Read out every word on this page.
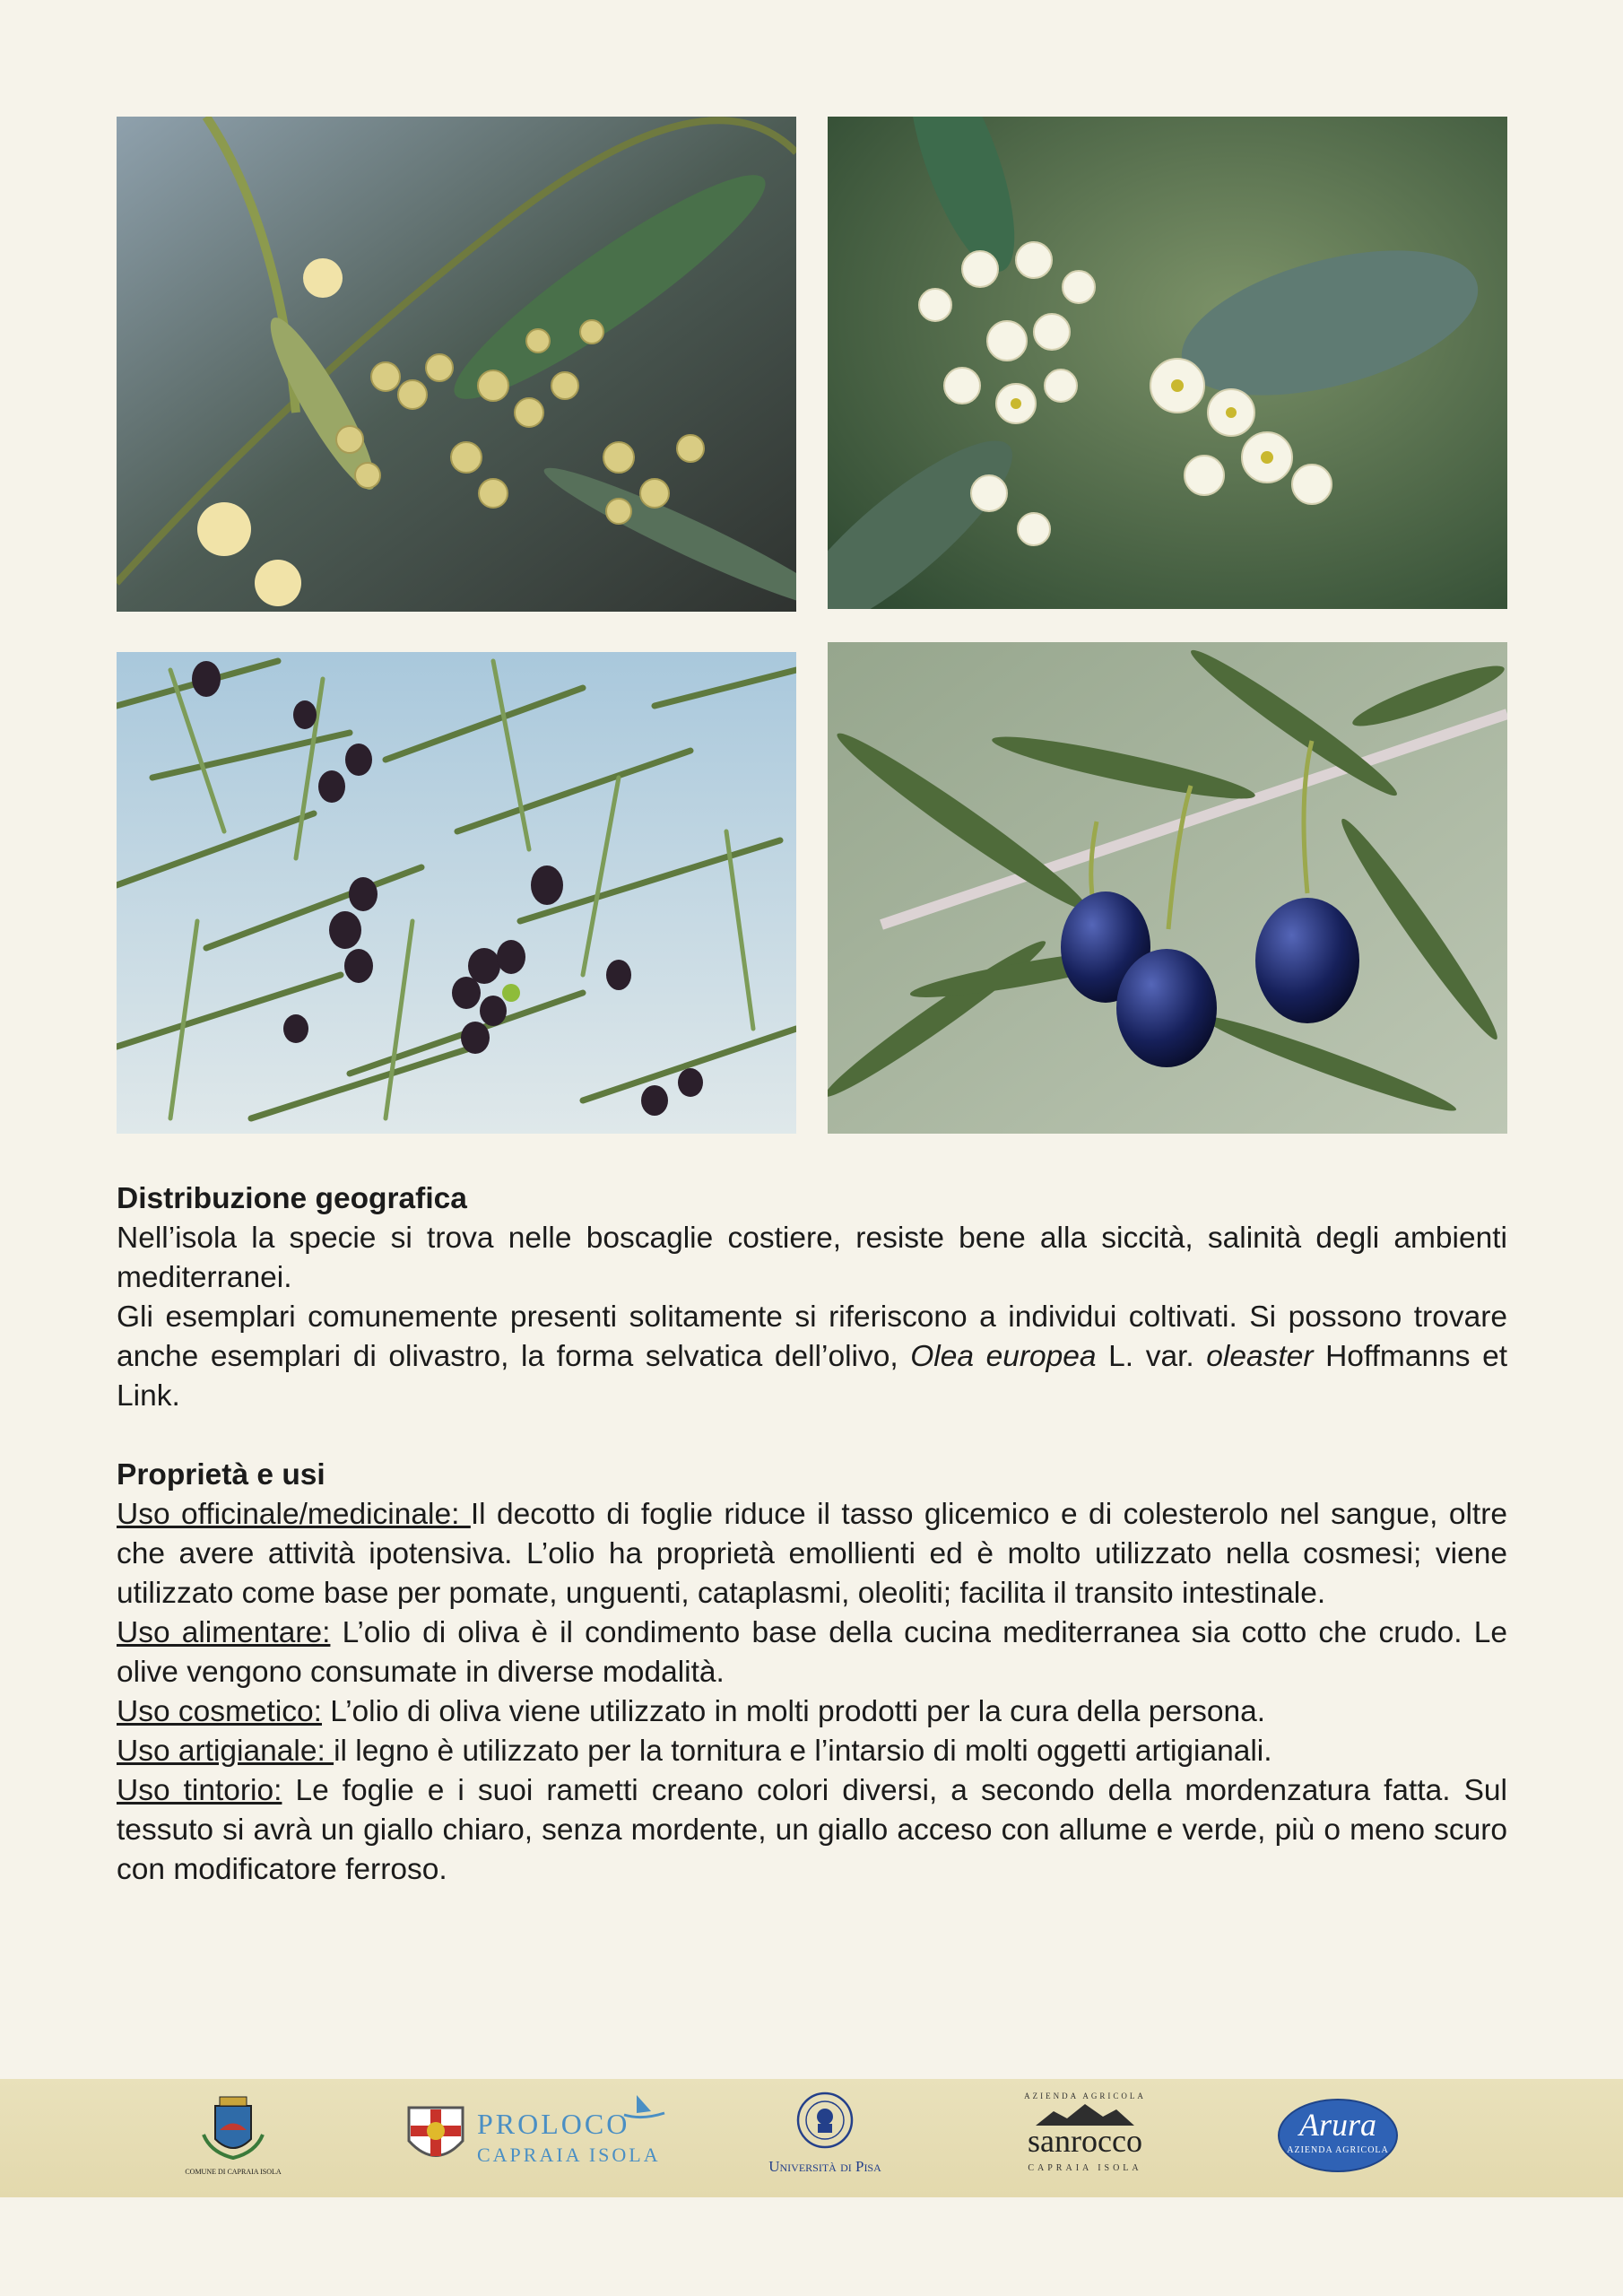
Distribuzione geografica

Nell’isola la specie si trova nelle boscaglie costiere, resiste bene alla siccità, salinità degli ambienti mediterranei.

Gli esemplari comunemente presenti solitamente si riferiscono a individui coltivati. Si possono trovare anche esemplari di olivastro, la forma selvatica dell’olivo, Olea europea L. var. oleaster Hoffmanns et Link.

Proprietà e usi

Uso officinale/medicinale: Il decotto di foglie riduce il tasso glicemico e di colesterolo nel sangue, oltre che avere attività ipotensiva. L’olio ha proprietà emollienti ed è molto utilizzato nella cosmesi; viene utilizzato come base per pomate, unguenti, cataplasmi, oleoliti; facilita il transito intestinale.

Uso alimentare: L’olio di oliva è il condimento base della cucina mediterranea sia cotto che crudo. Le olive vengono consumate in diverse modalità.

Uso cosmetico: L’olio di oliva viene utilizzato in molti prodotti per la cura della persona.

Uso artigianale: il legno è utilizzato per la tornitura e l’intarsio di molti oggetti artigianali.

Uso tintorio: Le foglie e i suoi rametti creano colori diversi, a secondo della mordenzatura fatta. Sul tessuto si avrà un giallo chiaro, senza mordente, un giallo acceso con allume e verde, più o meno scuro con modificatore ferroso.

COMUNE DI CAPRAIA ISOLA
PROLOCO
CAPRAIA ISOLA
Università di Pisa
AZIENDA AGRICOLA
sanrocco
CAPRAIA ISOLA
Arura
AZIENDA AGRICOLA
